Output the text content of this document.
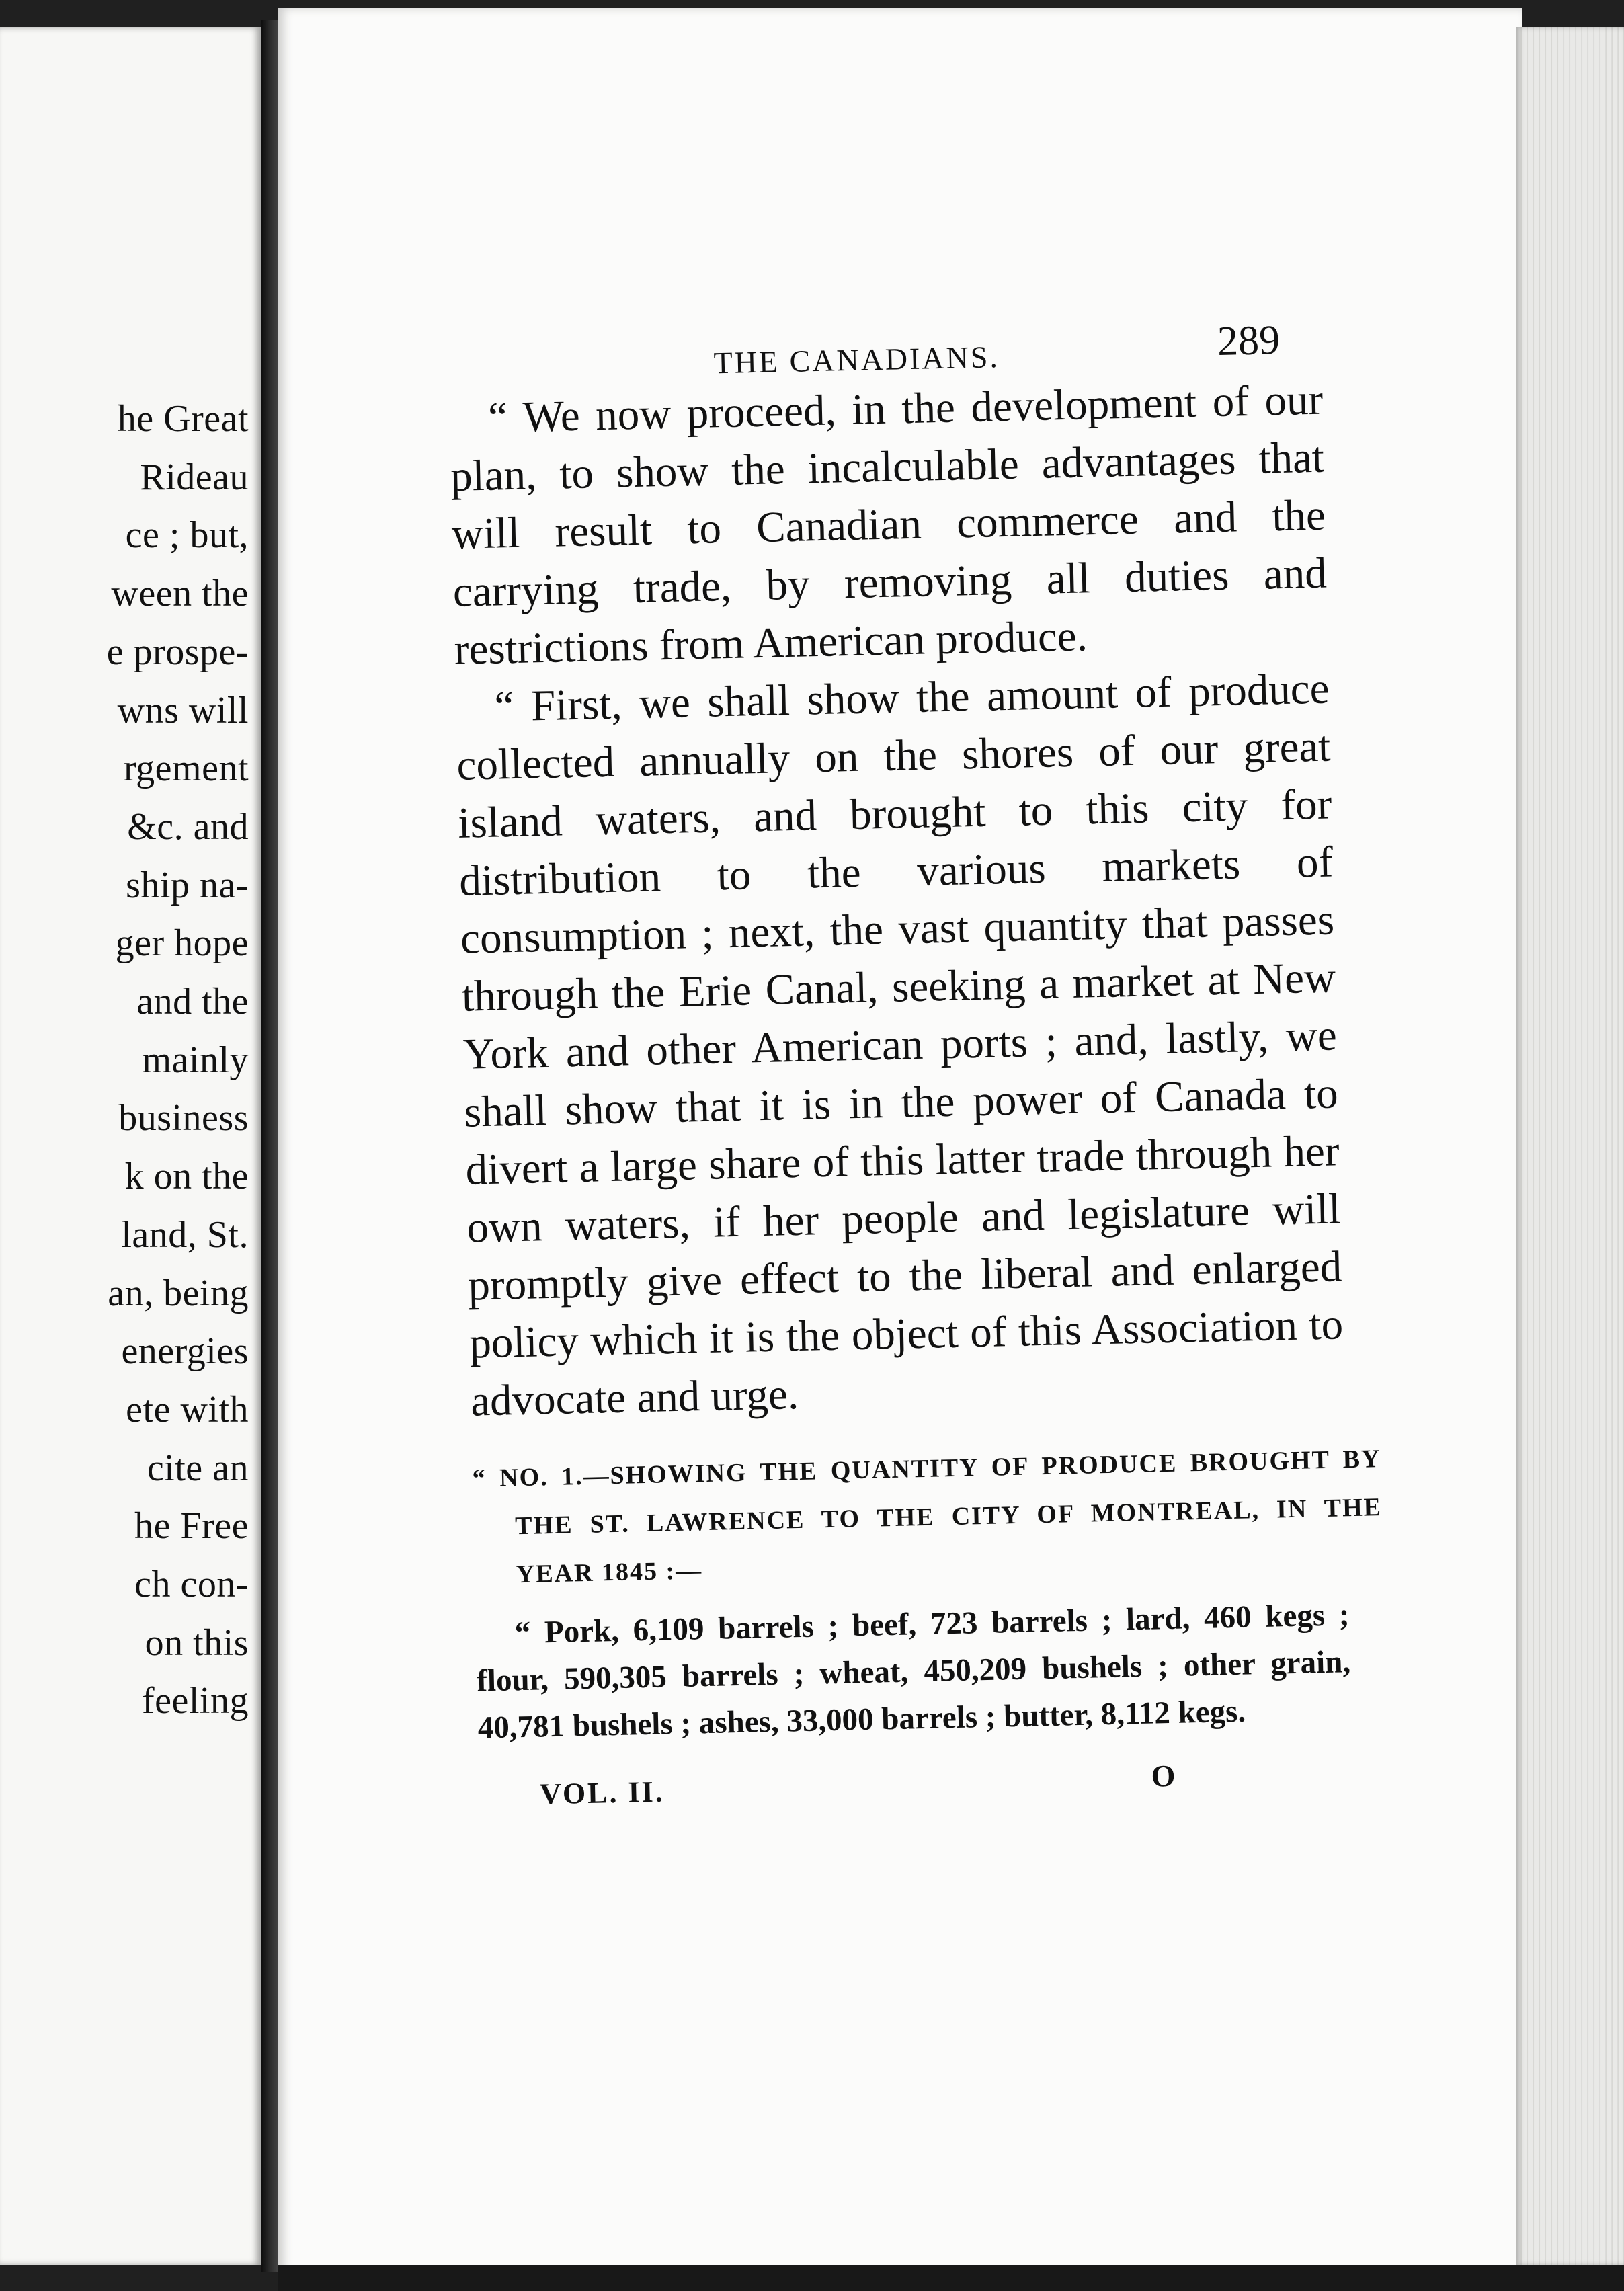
he Great
Rideau
ce ; but,
ween the
e prospe-
wns will
rgement
&c. and
ship na-
ger hope
and the
mainly
business
k on the
land, St.
an, being
energies
ete with
cite an
he Free
ch con-
on this
feeling
THE CANADIANS.	289

“ We now proceed, in the development of our plan, to show the incalculable advantages that will result to Canadian commerce and the carrying trade, by removing all duties and restrictions from American produce.

“ First, we shall show the amount of produce collected annually on the shores of our great island waters, and brought to this city for distribution to the various markets of consumption ; next, the vast quantity that passes through the Erie Canal, seeking a market at New York and other American ports ; and, lastly, we shall show that it is in the power of Canada to divert a large share of this latter trade through her own waters, if her people and legislature will promptly give effect to the liberal and enlarged policy which it is the object of this Association to advocate and urge.

“ NO. 1.—SHOWING THE QUANTITY OF PRODUCE BROUGHT BY THE ST. LAWRENCE TO THE CITY OF MONTREAL, IN THE YEAR 1845 :—
“ Pork, 6,109 barrels ; beef, 723 barrels ; lard, 460 kegs ; flour, 590,305 barrels ; wheat, 450,209 bushels ; other grain, 40,781 bushels ; ashes, 33,000 barrels ; butter, 8,112 kegs.
VOL. II.	O
